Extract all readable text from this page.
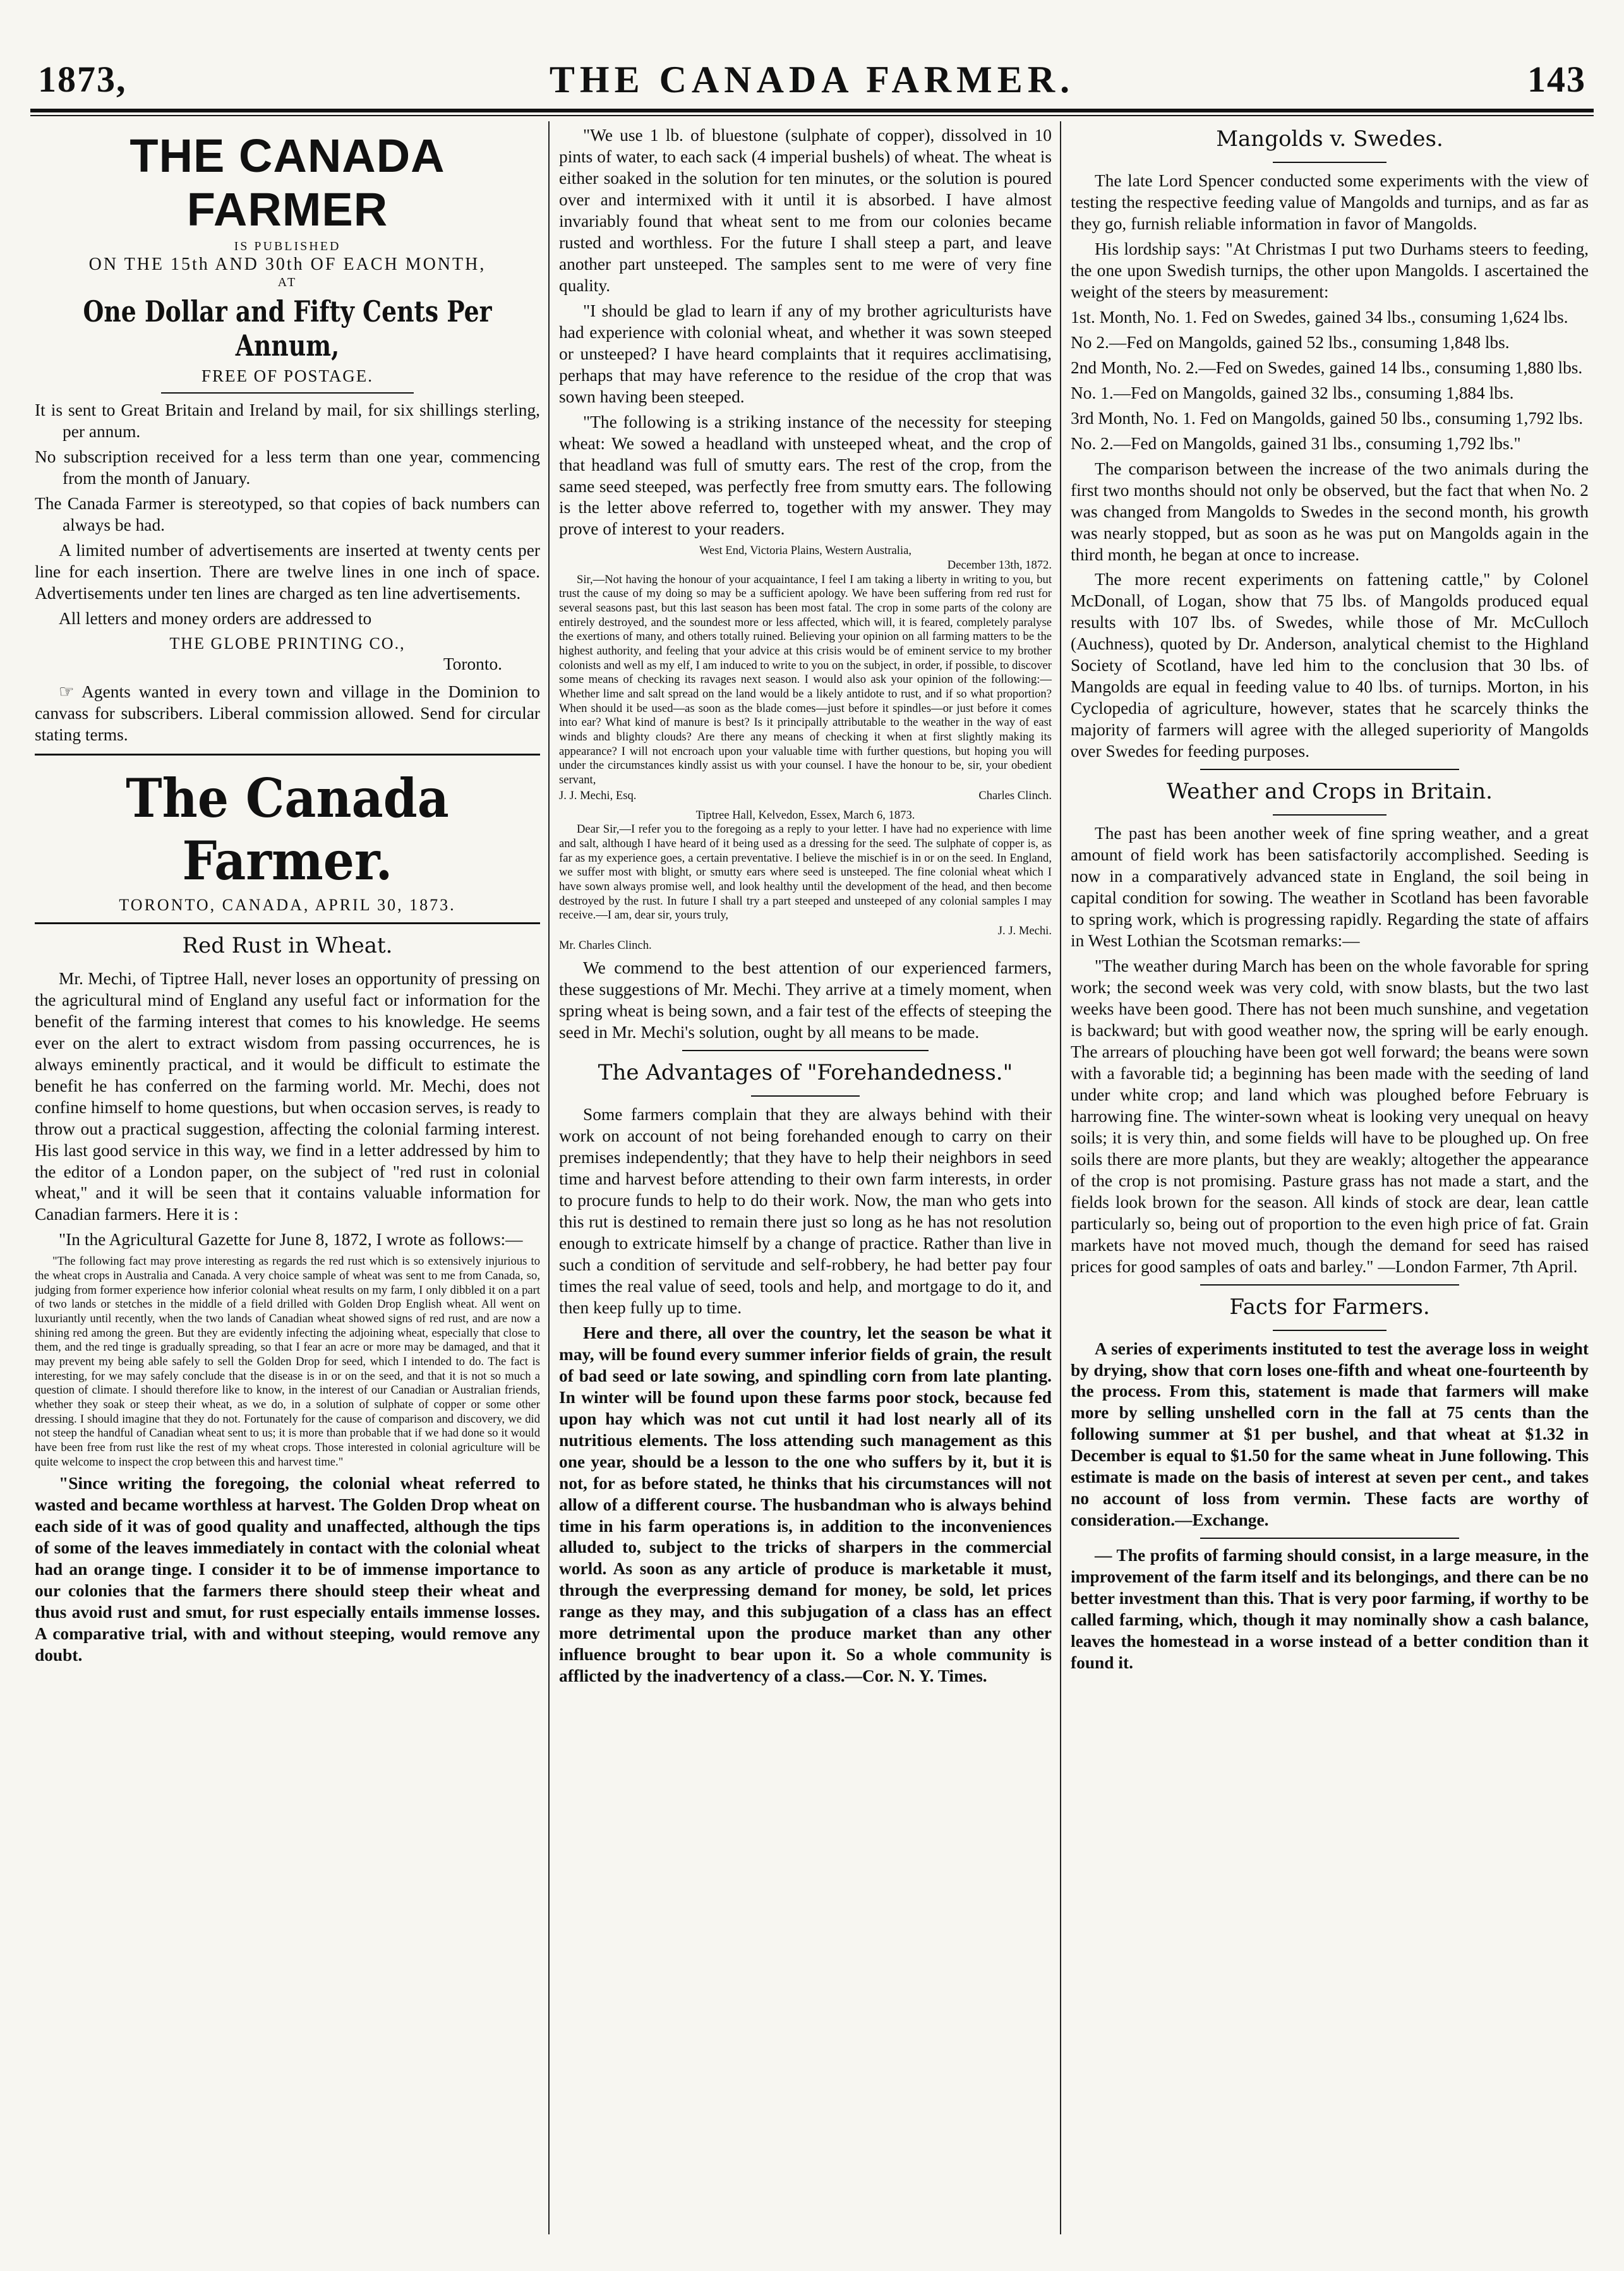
1873,	THE CANADA FARMER.	143
THE CANADA FARMER
IS PUBLISHED
ON THE 15th AND 30th OF EACH MONTH,
AT
One Dollar and Fifty Cents Per Annum,
FREE OF POSTAGE.

It is sent to Great Britain and Ireland by mail, for six shillings sterling, per annum.

No subscription received for a less term than one year, commencing from the month of January.

The Canada Farmer is stereotyped, so that copies of back numbers can always be had.

A limited number of advertisements are inserted at twenty cents per line for each insertion. There are twelve lines in one inch of space. Advertisements under ten lines are charged as ten line advertisements.

All letters and money orders are addressed to

THE GLOBE PRINTING CO.,
Toronto.

☞ Agents wanted in every town and village in the Dominion to canvass for subscribers. Liberal commission allowed. Send for circular stating terms.

The Canada Farmer.
TORONTO, CANADA, APRIL 30, 1873.
Red Rust in Wheat.

Mr. Mechi, of Tiptree Hall, never loses an opportunity of pressing on the agricultural mind of England any useful fact or information for the benefit of the farming interest that comes to his knowledge. He seems ever on the alert to extract wisdom from passing occurrences, he is always eminently practical, and it would be difficult to estimate the benefit he has conferred on the farming world. Mr. Mechi, does not confine himself to home questions, but when occasion serves, is ready to throw out a practical suggestion, affecting the colonial farming interest. His last good service in this way, we find in a letter addressed by him to the editor of a London paper, on the subject of "red rust in colonial wheat," and it will be seen that it contains valuable information for Canadian farmers. Here it is :

"In the Agricultural Gazette for June 8, 1872, I wrote as follows:—

"The following fact may prove interesting as regards the red rust which is so extensively injurious to the wheat crops in Australia and Canada. A very choice sample of wheat was sent to me from Canada, so, judging from former experience how inferior colonial wheat results on my farm, I only dibbled it on a part of two lands or stetches in the middle of a field drilled with Golden Drop English wheat. All went on luxuriantly until recently, when the two lands of Canadian wheat showed signs of red rust, and are now a shining red among the green. But they are evidently infecting the adjoining wheat, especially that close to them, and the red tinge is gradually spreading, so that I fear an acre or more may be damaged, and that it may prevent my being able safely to sell the Golden Drop for seed, which I intended to do. The fact is interesting, for we may safely conclude that the disease is in or on the seed, and that it is not so much a question of climate. I should therefore like to know, in the interest of our Canadian or Australian friends, whether they soak or steep their wheat, as we do, in a solution of sulphate of copper or some other dressing. I should imagine that they do not. Fortunately for the cause of comparison and discovery, we did not steep the handful of Canadian wheat sent to us; it is more than probable that if we had done so it would have been free from rust like the rest of my wheat crops. Those interested in colonial agriculture will be quite welcome to inspect the crop between this and harvest time."

"Since writing the foregoing, the colonial wheat referred to wasted and became worthless at harvest. The Golden Drop wheat on each side of it was of good quality and unaffected, although the tips of some of the leaves immediately in contact with the colonial wheat had an orange tinge. I consider it to be of immense importance to our colonies that the farmers there should steep their wheat and thus avoid rust and smut, for rust especially entails immense losses. A comparative trial, with and without steeping, would remove any doubt.

"We use 1 lb. of bluestone (sulphate of copper), dissolved in 10 pints of water, to each sack (4 imperial bushels) of wheat. The wheat is either soaked in the solution for ten minutes, or the solution is poured over and intermixed with it until it is absorbed. I have almost invariably found that wheat sent to me from our colonies became rusted and worthless. For the future I shall steep a part, and leave another part unsteeped. The samples sent to me were of very fine quality.

"I should be glad to learn if any of my brother agriculturists have had experience with colonial wheat, and whether it was sown steeped or unsteeped? I have heard complaints that it requires acclimatising, perhaps that may have reference to the residue of the crop that was sown having been steeped.

"The following is a striking instance of the necessity for steeping wheat: We sowed a headland with unsteeped wheat, and the crop of that headland was full of smutty ears. The rest of the crop, from the same seed steeped, was perfectly free from smutty ears. The following is the letter above referred to, together with my answer. They may prove of interest to your readers.

West End, Victoria Plains, Western Australia,
December 13th, 1872.

Sir,—Not having the honour of your acquaintance, I feel I am taking a liberty in writing to you, but trust the cause of my doing so may be a sufficient apology. We have been suffering from red rust for several seasons past, but this last season has been most fatal. The crop in some parts of the colony are entirely destroyed, and the soundest more or less affected, which will, it is feared, completely paralyse the exertions of many, and others totally ruined. Believing your opinion on all farming matters to be the highest authority, and feeling that your advice at this crisis would be of eminent service to my brother colonists and well as my elf, I am induced to write to you on the subject, in order, if possible, to discover some means of checking its ravages next season. I would also ask your opinion of the following:—Whether lime and salt spread on the land would be a likely antidote to rust, and if so what proportion? When should it be used—as soon as the blade comes—just before it spindles—or just before it comes into ear? What kind of manure is best? Is it principally attributable to the weather in the way of east winds and blighty clouds? Are there any means of checking it when at first slightly making its appearance? I will not encroach upon your valuable time with further questions, but hoping you will under the circumstances kindly assist us with your counsel. I have the honour to be, sir, your obedient servant,

J. J. Mechi, Esq.	Charles Clinch.
Tiptree Hall, Kelvedon, Essex, March 6, 1873.

Dear Sir,—I refer you to the foregoing as a reply to your letter. I have had no experience with lime and salt, although I have heard of it being used as a dressing for the seed. The sulphate of copper is, as far as my experience goes, a certain preventative. I believe the mischief is in or on the seed. In England, we suffer most with blight, or smutty ears where seed is unsteeped. The fine colonial wheat which I have sown always promise well, and look healthy until the development of the head, and then become destroyed by the rust. In future I shall try a part steeped and unsteeped of any colonial samples I may receive.—I am, dear sir, yours truly,

J. J. Mechi.
Mr. Charles Clinch.

We commend to the best attention of our experienced farmers, these suggestions of Mr. Mechi. They arrive at a timely moment, when spring wheat is being sown, and a fair test of the effects of steeping the seed in Mr. Mechi's solution, ought by all means to be made.

The Advantages of "Forehandedness."

Some farmers complain that they are always behind with their work on account of not being forehanded enough to carry on their premises independently; that they have to help their neighbors in seed time and harvest before attending to their own farm interests, in order to procure funds to help to do their work. Now, the man who gets into this rut is destined to remain there just so long as he has not resolution enough to extricate himself by a change of practice. Rather than live in such a condition of servitude and self-robbery, he had better pay four times the real value of seed, tools and help, and mortgage to do it, and then keep fully up to time.

Here and there, all over the country, let the season be what it may, will be found every summer inferior fields of grain, the result of bad seed or late sowing, and spindling corn from late planting. In winter will be found upon these farms poor stock, because fed upon hay which was not cut until it had lost nearly all of its nutritious elements. The loss attending such management as this one year, should be a lesson to the one who suffers by it, but it is not, for as before stated, he thinks that his circumstances will not allow of a different course. The husbandman who is always behind time in his farm operations is, in addition to the inconveniences alluded to, subject to the tricks of sharpers in the commercial world. As soon as any article of produce is marketable it must, through the everpressing demand for money, be sold, let prices range as they may, and this subjugation of a class has an effect more detrimental upon the produce market than any other influence brought to bear upon it. So a whole community is afflicted by the inadvertency of a class.—Cor. N. Y. Times.

Mangolds v. Swedes.

The late Lord Spencer conducted some experiments with the view of testing the respective feeding value of Mangolds and turnips, and as far as they go, furnish reliable information in favor of Mangolds.

His lordship says: "At Christmas I put two Durhams steers to feeding, the one upon Swedish turnips, the other upon Mangolds. I ascertained the weight of the steers by measurement:

1st. Month, No. 1. Fed on Swedes, gained 34 lbs., consuming 1,624 lbs.

No 2.—Fed on Mangolds, gained 52 lbs., consuming 1,848 lbs.

2nd Month, No. 2.—Fed on Swedes, gained 14 lbs., consuming 1,880 lbs.

No. 1.—Fed on Mangolds, gained 32 lbs., consuming 1,884 lbs.

3rd Month, No. 1. Fed on Mangolds, gained 50 lbs., consuming 1,792 lbs.

No. 2.—Fed on Mangolds, gained 31 lbs., consuming 1,792 lbs."

The comparison between the increase of the two animals during the first two months should not only be observed, but the fact that when No. 2 was changed from Mangolds to Swedes in the second month, his growth was nearly stopped, but as soon as he was put on Mangolds again in the third month, he began at once to increase.

The more recent experiments on fattening cattle," by Colonel McDonall, of Logan, show that 75 lbs. of Mangolds produced equal results with 107 lbs. of Swedes, while those of Mr. McCulloch (Auchness), quoted by Dr. Anderson, analytical chemist to the Highland Society of Scotland, have led him to the conclusion that 30 lbs. of Mangolds are equal in feeding value to 40 lbs. of turnips. Morton, in his Cyclopedia of agriculture, however, states that he scarcely thinks the majority of farmers will agree with the alleged superiority of Mangolds over Swedes for feeding purposes.

Weather and Crops in Britain.

The past has been another week of fine spring weather, and a great amount of field work has been satisfactorily accomplished. Seeding is now in a comparatively advanced state in England, the soil being in capital condition for sowing. The weather in Scotland has been favorable to spring work, which is progressing rapidly. Regarding the state of affairs in West Lothian the Scotsman remarks:—

"The weather during March has been on the whole favorable for spring work; the second week was very cold, with snow blasts, but the two last weeks have been good. There has not been much sunshine, and vegetation is backward; but with good weather now, the spring will be early enough. The arrears of plouching have been got well forward; the beans were sown with a favorable tid; a beginning has been made with the seeding of land under white crop; and land which was ploughed before February is harrowing fine. The winter-sown wheat is looking very unequal on heavy soils; it is very thin, and some fields will have to be ploughed up. On free soils there are more plants, but they are weakly; altogether the appearance of the crop is not promising. Pasture grass has not made a start, and the fields look brown for the season. All kinds of stock are dear, lean cattle particularly so, being out of proportion to the even high price of fat. Grain markets have not moved much, though the demand for seed has raised prices for good samples of oats and barley." —London Farmer, 7th April.

Facts for Farmers.

A series of experiments instituted to test the average loss in weight by drying, show that corn loses one-fifth and wheat one-fourteenth by the process. From this, statement is made that farmers will make more by selling unshelled corn in the fall at 75 cents than the following summer at $1 per bushel, and that wheat at $1.32 in December is equal to $1.50 for the same wheat in June following. This estimate is made on the basis of interest at seven per cent., and takes no account of loss from vermin. These facts are worthy of consideration.—Exchange.

— The profits of farming should consist, in a large measure, in the improvement of the farm itself and its belongings, and there can be no better investment than this. That is very poor farming, if worthy to be called farming, which, though it may nominally show a cash balance, leaves the homestead in a worse instead of a better condition than it found it.
